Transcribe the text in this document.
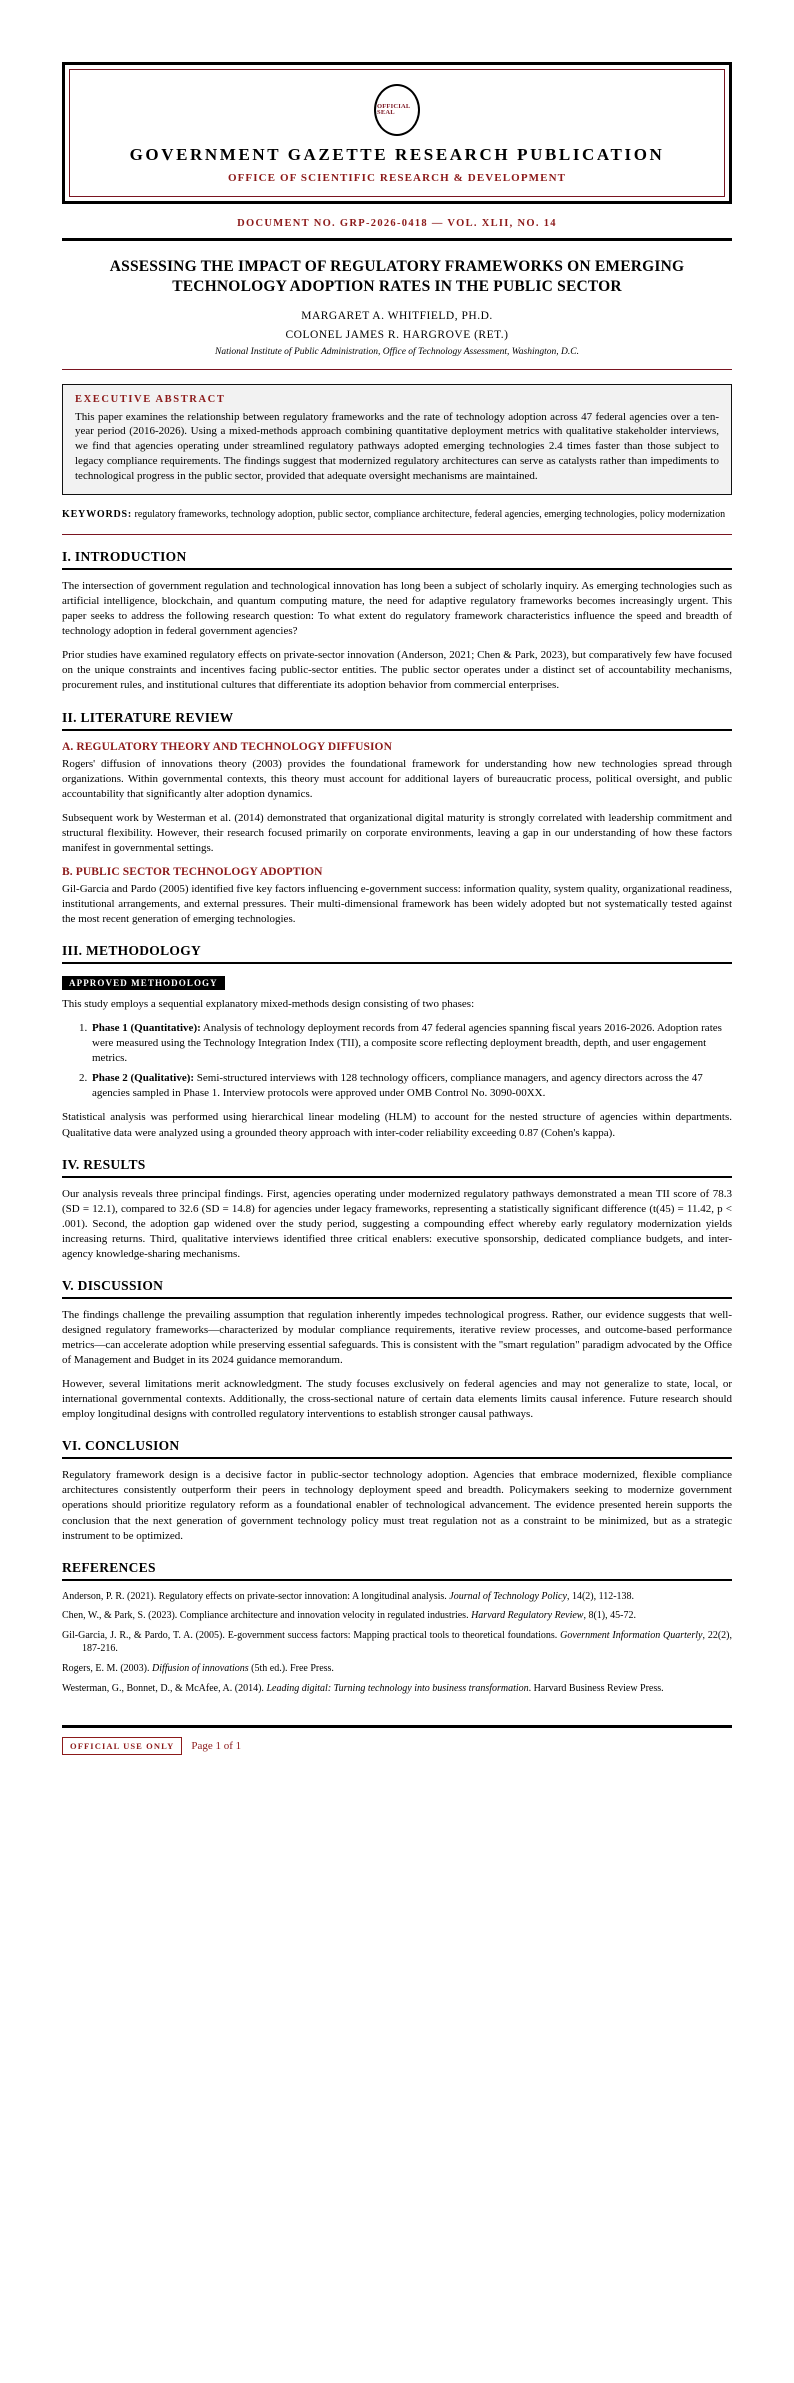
OFFICIAL
SEAL
GOVERNMENT GAZETTE RESEARCH PUBLICATION
OFFICE OF SCIENTIFIC RESEARCH & DEVELOPMENT
DOCUMENT NO. GRP-2026-0418 — VOL. XLII, NO. 14
ASSESSING THE IMPACT OF REGULATORY FRAMEWORKS ON EMERGING TECHNOLOGY ADOPTION RATES IN THE PUBLIC SECTOR
MARGARET A. WHITFIELD, PH.D.
COLONEL JAMES R. HARGROVE (RET.)
National Institute of Public Administration, Office of Technology Assessment, Washington, D.C.
EXECUTIVE ABSTRACT

This paper examines the relationship between regulatory frameworks and the rate of technology adoption across 47 federal agencies over a ten-year period (2016-2026). Using a mixed-methods approach combining quantitative deployment metrics with qualitative stakeholder interviews, we find that agencies operating under streamlined regulatory pathways adopted emerging technologies 2.4 times faster than those subject to legacy compliance requirements. The findings suggest that modernized regulatory architectures can serve as catalysts rather than impediments to technological progress in the public sector, provided that adequate oversight mechanisms are maintained.

KEYWORDS: regulatory frameworks, technology adoption, public sector, compliance architecture, federal agencies, emerging technologies, policy modernization
I. INTRODUCTION

The intersection of government regulation and technological innovation has long been a subject of scholarly inquiry. As emerging technologies such as artificial intelligence, blockchain, and quantum computing mature, the need for adaptive regulatory frameworks becomes increasingly urgent. This paper seeks to address the following research question: To what extent do regulatory framework characteristics influence the speed and breadth of technology adoption in federal government agencies?

Prior studies have examined regulatory effects on private-sector innovation (Anderson, 2021; Chen & Park, 2023), but comparatively few have focused on the unique constraints and incentives facing public-sector entities. The public sector operates under a distinct set of accountability mechanisms, procurement rules, and institutional cultures that differentiate its adoption behavior from commercial enterprises.

II. LITERATURE REVIEW
A. REGULATORY THEORY AND TECHNOLOGY DIFFUSION

Rogers' diffusion of innovations theory (2003) provides the foundational framework for understanding how new technologies spread through organizations. Within governmental contexts, this theory must account for additional layers of bureaucratic process, political oversight, and public accountability that significantly alter adoption dynamics.

Subsequent work by Westerman et al. (2014) demonstrated that organizational digital maturity is strongly correlated with leadership commitment and structural flexibility. However, their research focused primarily on corporate environments, leaving a gap in our understanding of how these factors manifest in governmental settings.

B. PUBLIC SECTOR TECHNOLOGY ADOPTION

Gil-Garcia and Pardo (2005) identified five key factors influencing e-government success: information quality, system quality, organizational readiness, institutional arrangements, and external pressures. Their multi-dimensional framework has been widely adopted but not systematically tested against the most recent generation of emerging technologies.

III. METHODOLOGY
APPROVED METHODOLOGY

This study employs a sequential explanatory mixed-methods design consisting of two phases:

1. Phase 1 (Quantitative): Analysis of technology deployment records from 47 federal agencies spanning fiscal years 2016-2026. Adoption rates were measured using the Technology Integration Index (TII), a composite score reflecting deployment breadth, depth, and user engagement metrics.
2. Phase 2 (Qualitative): Semi-structured interviews with 128 technology officers, compliance managers, and agency directors across the 47 agencies sampled in Phase 1. Interview protocols were approved under OMB Control No. 3090-00XX.

Statistical analysis was performed using hierarchical linear modeling (HLM) to account for the nested structure of agencies within departments. Qualitative data were analyzed using a grounded theory approach with inter-coder reliability exceeding 0.87 (Cohen's kappa).

IV. RESULTS

Our analysis reveals three principal findings. First, agencies operating under modernized regulatory pathways demonstrated a mean TII score of 78.3 (SD = 12.1), compared to 32.6 (SD = 14.8) for agencies under legacy frameworks, representing a statistically significant difference (t(45) = 11.42, p < .001). Second, the adoption gap widened over the study period, suggesting a compounding effect whereby early regulatory modernization yields increasing returns. Third, qualitative interviews identified three critical enablers: executive sponsorship, dedicated compliance budgets, and inter-agency knowledge-sharing mechanisms.

V. DISCUSSION

The findings challenge the prevailing assumption that regulation inherently impedes technological progress. Rather, our evidence suggests that well-designed regulatory frameworks—characterized by modular compliance requirements, iterative review processes, and outcome-based performance metrics—can accelerate adoption while preserving essential safeguards. This is consistent with the "smart regulation" paradigm advocated by the Office of Management and Budget in its 2024 guidance memorandum.

However, several limitations merit acknowledgment. The study focuses exclusively on federal agencies and may not generalize to state, local, or international governmental contexts. Additionally, the cross-sectional nature of certain data elements limits causal inference. Future research should employ longitudinal designs with controlled regulatory interventions to establish stronger causal pathways.

VI. CONCLUSION

Regulatory framework design is a decisive factor in public-sector technology adoption. Agencies that embrace modernized, flexible compliance architectures consistently outperform their peers in technology deployment speed and breadth. Policymakers seeking to modernize government operations should prioritize regulatory reform as a foundational enabler of technological advancement. The evidence presented herein supports the conclusion that the next generation of government technology policy must treat regulation not as a constraint to be minimized, but as a strategic instrument to be optimized.

REFERENCES
Anderson, P. R. (2021). Regulatory effects on private-sector innovation: A longitudinal analysis. Journal of Technology Policy, 14(2), 112-138.
Chen, W., & Park, S. (2023). Compliance architecture and innovation velocity in regulated industries. Harvard Regulatory Review, 8(1), 45-72.
Gil-Garcia, J. R., & Pardo, T. A. (2005). E-government success factors: Mapping practical tools to theoretical foundations. Government Information Quarterly, 22(2), 187-216.
Rogers, E. M. (2003). Diffusion of innovations (5th ed.). Free Press.
Westerman, G., Bonnet, D., & McAfee, A. (2014). Leading digital: Turning technology into business transformation. Harvard Business Review Press.
OFFICIAL USE ONLY	Page 1 of 1
